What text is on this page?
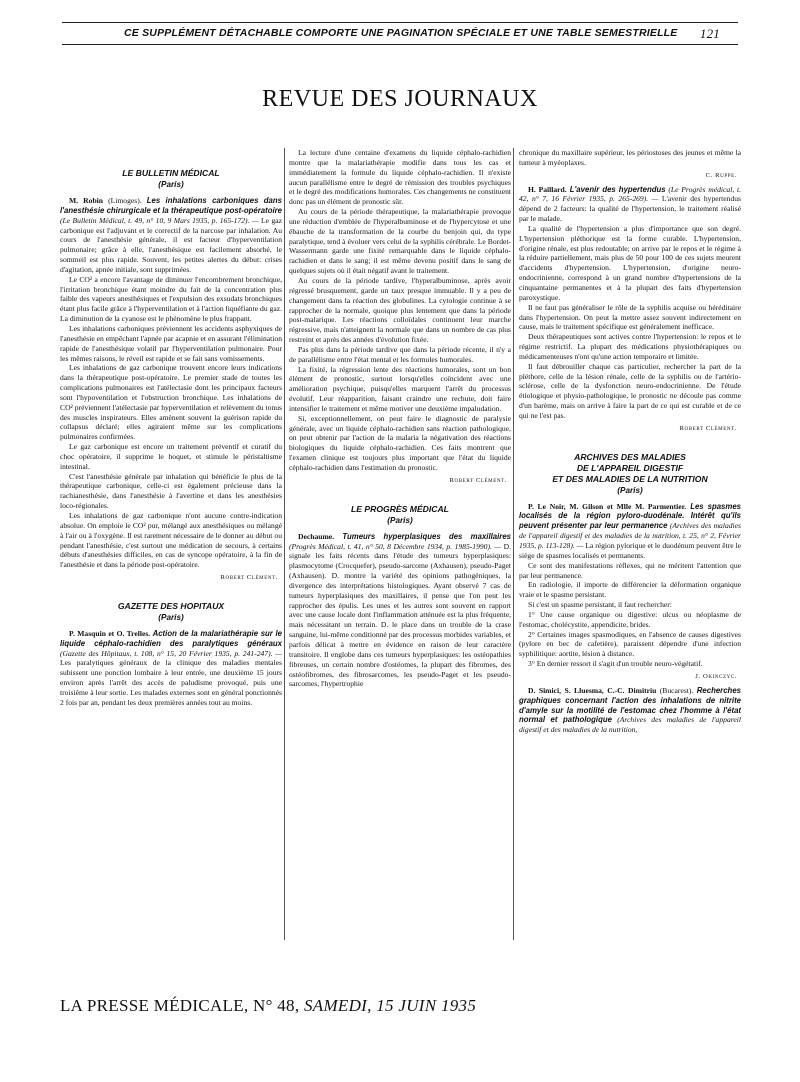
CE SUPPLÉMENT DÉTACHABLE COMPORTE UNE PAGINATION SPÉCIALE ET UNE TABLE SEMESTRIELLE 121
REVUE DES JOURNAUX
LE BULLETIN MÉDICAL
(Paris)

M. Robin (Limoges). Les inhalations carboniques dans l'anesthésie chirurgicale et la thérapeutique post-opératoire (Le Bulletin Médical, t. 49, n° 10, 9 Mars 1935, p. 165-172). — Le gaz carbonique est l'adjuvant et le correctif de la narcose par inhalation. Au cours de l'anesthésie générale, il est facteur d'hyperventilation pulmonaire; grâce à elle, l'anesthésique est facilement absorbé, le sommeil est plus rapide. Souvent, les petites alertes du début: crises d'agitation, apnée initiale, sont supprimées.

Le CO² a encore l'avantage de diminuer l'encombrement bronchique, l'irritation bronchique étant moindre du fait de la concentration plus faible des vapeurs anesthésiques et l'expulsion des exsudats bronchiques étant plus facile grâce à l'hyperventilation et à l'action liquéfiante du gaz. La diminution de la cyanose est le phénomène le plus frappant.

Les inhalations carboniques préviennent les accidents asphyxiques de l'anesthésie en empêchant l'apnée par acapnie et en assurant l'élimination rapide de l'anesthésique volatil par l'hyperventilation pulmonaire. Pour les mêmes raisons, le réveil est rapide et se fait sans vomissements.

Les inhalations de gaz carbonique trouvent encore leurs indications dans la thérapeutique post-opératoire. Le premier stade de toutes les complications pulmonaires est l'atélectasie dont les principaux facteurs sont l'hypoventilation et l'obstruction bronchique. Les inhalations de CO² préviennent l'atélectasie par hyperventilation et relèvement du tonus des muscles inspirateurs. Elles amènent souvent la guérison rapide du collapsus déclaré; elles agiraient même sur les complications pulmonaires confirmées.

Le gaz carbonique est encore un traitement préventif et curatif du choc opératoire, il supprime le hoquet, et stimule le péristaltisme intestinal.

C'est l'anesthésie générale par inhalation qui bénéficie le plus de la thérapeutique carbonique, celle-ci est également précieuse dans la rachianesthésie, dans l'anesthésie à l'avertine et dans les anesthésies loco-régionales.

Les inhalations de gaz carbonique n'ont aucune contre-indication absolue. On emploie le CO² pur, mélangé aux anesthésiques ou mélangé à l'air ou à l'oxygène. Il est rarement nécessaire de le donner au début ou pendant l'anesthésie, c'est surtout une médication de secours, à certains débuts d'anesthésies difficiles, en cas de syncope opératoire, à la fin de l'anesthésie et dans la période post-opératoire.

Robert Clément.
GAZETTE DES HOPITAUX
(Paris)

P. Masquin et O. Trelles. Action de la malariathérapie sur le liquide céphalo-rachidien des paralytiques généraux (Gazette des Hôpitaux, t. 108, n° 15, 20 Février 1935, p. 241-247). — Les paralytiques généraux de la clinique des maladies mentales subissent une ponction lombaire à leur entrée, une deuxième 15 jours environ après l'arrêt des accès de paludisme provoqué, puis une troisième à leur sortie. Les malades externes sont en général ponctionnés 2 fois par an, pendant les deux premières années tout au moins.

La lecture d'une centaine d'examens du liquide céphalo-rachidien montre que la malariathérapie modifie dans tous les cas et immédiatement la formule du liquide céphalo-rachidien. Il n'existe aucun parallélisme entre le degré de rémission des troubles psychiques et le degré des modifications humorales. Ces changements ne constituent donc pas un élément de pronostic sûr.

Au cours de la période thérapeutique, la malariathérapie provoque une réduction d'emblée de l'hyperalbuminose et de l'hypercytose et une ébauche de la transformation de la courbe du benjoin qui, du type paralytique, tend à évoluer vers celui de la syphilis cérébrale. Le Bordet-Wassermann garde une fixité remarquable dans le liquide céphalo-rachidien et dans le sang; il est même devenu positif dans le sang de quelques sujets où il était négatif avant le traitement.

Au cours de la période tardive, l'hyperalbuminose, après avoir régressé brusquement, garde un taux presque immuable. Il y a peu de changement dans la réaction des globulines. La cytologie continue à se rapprocher de la normale, quoique plus lentement que dans la période post-malarique. Les réactions colloïdales continuent leur marche régressive, mais n'atteignent la normale que dans un nombre de cas plus restreint et après des années d'évolution fixée.

Pas plus dans la période tardive que dans la période récente, il n'y a de parallélisme entre l'état mental et les formules humorales.

La fixité, la régression lente des réactions humorales, sont un bon élément de pronostic, surtout lorsqu'elles coïncident avec une amélioration psychique, puisqu'elles marquent l'arrêt du processus évolutif. Leur réapparition, faisant craindre une rechute, doit faire intensifier le traitement et même motiver une deuxième impaludation.

Si, exceptionnellement, on peut faire le diagnostic de paralysie générale, avec un liquide céphalo-rachidien sans réaction pathologique, on peut obtenir par l'action de la malaria la négativation des réactions biologiques du liquide céphalo-rachidien. Ces faits montrent que l'examen clinique est toujours plus important que l'état du liquide céphalo-rachidien dans l'estimation du pronostic.

Robert Clément.
LE PROGRÈS MÉDICAL
(Paris)

Dechaume. Tumeurs hyperplasiques des maxillaires (Progrès Médical, t. 41, n° 50, 8 Décembre 1934, p. 1985-1990). — D. signale les faits récents dans l'étude des tumeurs hyperplasiques: plasmocytome (Crocquefer), pseudo-sarcome (Axhausen), pseudo-Paget (Axhausen). D. montre la variété des opinions pathogéniques, la divergence des interprétations histologiques. Ayant observé 7 cas de tumeurs hyperplasiques des maxillaires, il pense que l'on peut les rapprocher des épulis. Les unes et les autres sont souvent en rapport avec une cause locale dont l'inflammation atténuée est la plus fréquente, mais nécessitant un terrain. D. le place dans un trouble de la crase sanguine, lui-même conditionné par des processus morbides variables, et parfois délicat à mettre en évidence en raison de leur caractère transitoire. Il englobe dans ces tumeurs hyperplasiques: les ostéopathies fibreuses, un certain nombre d'ostéomes, la plupart des fibromes, des ostéofibromes, des fibrosarcomes, les pseudo-Paget et les pseudo-sarcomes, l'hypertrophie

chronique du maxillaire supérieur, les périostoses des jeunes et même la tumeur à myéoplaxes.

C. Ruppe.

H. Paillard. L'avenir des hypertendus (Le Progrès médical, t. 42, n° 7, 16 Février 1935, p. 265-269). — L'avenir des hypertendus dépend de 2 facteurs: la qualité de l'hypertension, le traitement réalisé par le malade.

La qualité de l'hypertension a plus d'importance que son degré. L'hypertension pléthorique est la forme curable. L'hypertension, d'origine rénale, est plus redoutable; on arrive par le repos et le régime à la réduire partiellement, mais plus de 50 pour 100 de ces sujets meurent d'accidents d'hypertension. L'hypertension, d'origine neuro-endocrinienne, correspond à un grand nombre d'hypertensions de la cinquantaine permanentes et à la plupart des faits d'hypertension paroxystique.

Il ne faut pas généraliser le rôle de la syphilis acquise ou héréditaire dans l'hypertension. On peut la mettre assez souvent indirectement en cause, mais le traitement spécifique est généralement inefficace.

Deux thérapeutiques sont actives contre l'hypertension: le repos et le régime restrictif. La plupart des médications physiothérapiques ou médicamenteuses n'ont qu'une action temporaire et limitée.

Il faut débrouiller chaque cas particulier, rechercher la part de la pléthore, celle de la lésion rénale, celle de la syphilis ou de l'artério-sclérose, celle de la dysfonction neuro-endocrinienne. De l'étude étiologique et physio-pathologique, le pronostic ne découle pas comme d'un barème, mais on arrive à faire la part de ce qui est curable et de ce qui ne l'est pas.

Robert Clément.
ARCHIVES DES MALADIES
DE L'APPAREIL DIGESTIF
ET DES MALADIES DE LA NUTRITION
(Paris)

P. Le Noir, M. Gilson et Mlle M. Parmentier. Les spasmes localisés de la région pyloro-duodénale. Intérêt qu'ils peuvent présenter par leur permanence (Archives des maladies de l'appareil digestif et des maladies de la nutrition, t. 25, n° 2, Février 1935, p. 113-128). — La région pylorique et le duodénum peuvent être le siège de spasmes localisés et permanents.

Ce sont des manifestations réflexes, qui ne méritent l'attention que par leur permanence.

En radiologie, il importe de différencier la déformation organique vraie et le spasme persistant.

Si c'est un spasme persistant, il faut rechercher:

1° Une cause organique ou digestive: ulcus ou néoplasme de l'estomac, cholécystite, appendicite, brides.

2° Certaines images spasmodiques, en l'absence de causes digestives (pylore en bec de cafetière), paraissent dépendre d'une infection syphilitique: aortite, lésion à distance.

3° En dernier ressort il s'agit d'un trouble neuro-végétatif.

J. Okinczyc.

D. Simici, S. Lluesma, C.-C. Dimitriu (Bucarest). Recherches graphiques concernant l'action des inhalations de nitrite d'amyle sur la motilité de l'estomac chez l'homme à l'état normal et pathologique (Archives des maladies de l'appareil digestif et des maladies de la nutrition,

LA PRESSE MÉDICALE, N° 48, SAMEDI, 15 JUIN 1935
